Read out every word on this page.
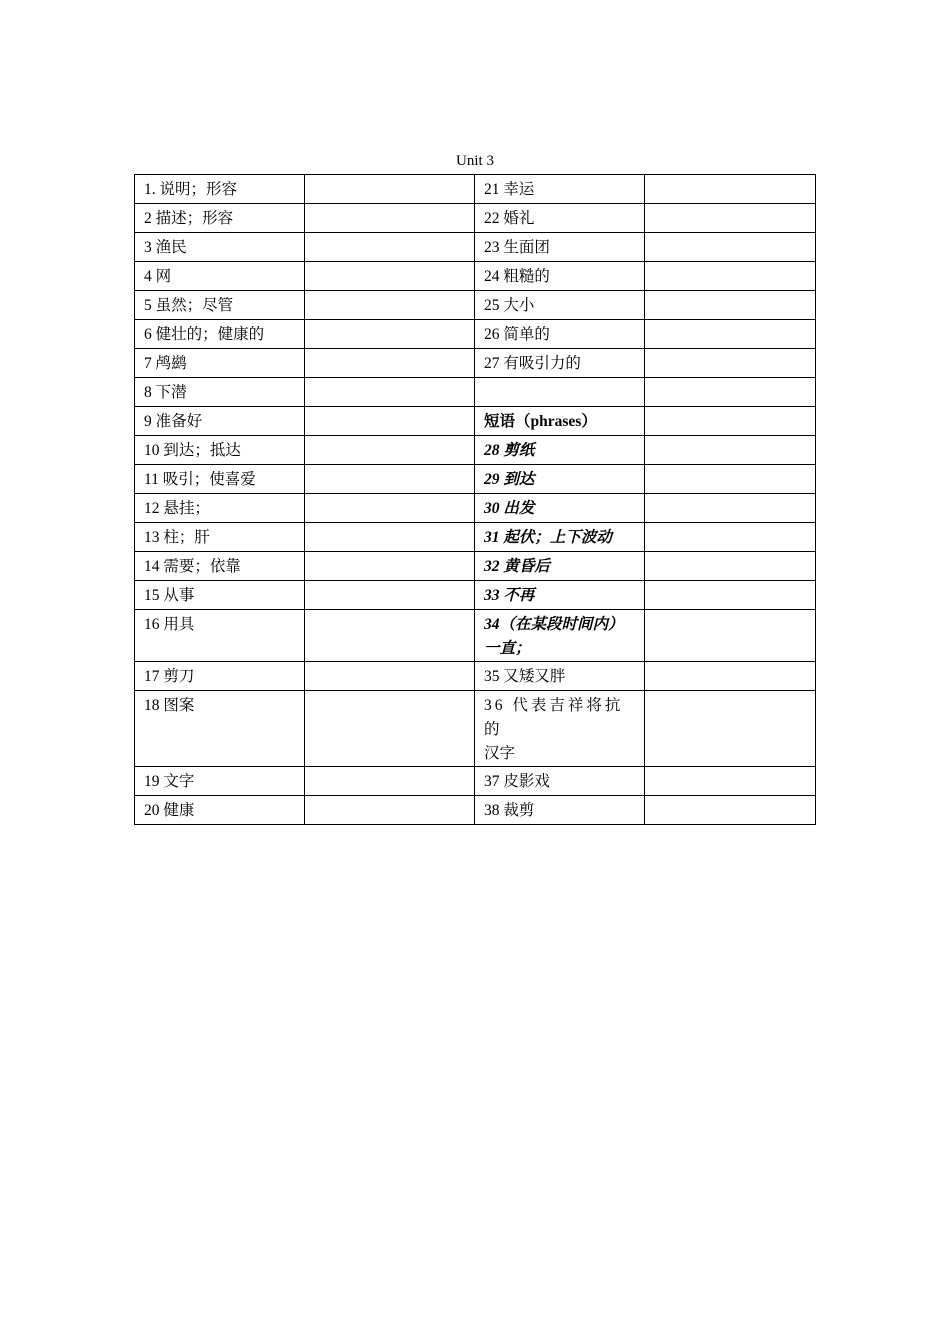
Unit 3
1. 说明；形容		21 幸运	
2 描述；形容		22 婚礼	
3 渔民		23 生面团	
4 网		24 粗糙的	
5 虽然；尽管		25 大小	
6 健壮的；健康的		26 简单的	
7 鸬鹚		27 有吸引力的	
8 下潜			
9 准备好		短语（phrases）	
10 到达；抵达		28 剪纸	
11 吸引；使喜爱		29 到达	
12 悬挂；		30 出发	
13 柱；肝		31 起伏；上下波动	
14 需要；依靠		32 黄昏后	
15 从事		33 不再	
16 用具		34（在某段时间内）
一直；	

17 剪刀		35 又矮又胖	
18 图案		36 代表吉祥将抗的
汉字	

19 文字		37 皮影戏	
20 健康		38 裁剪	
